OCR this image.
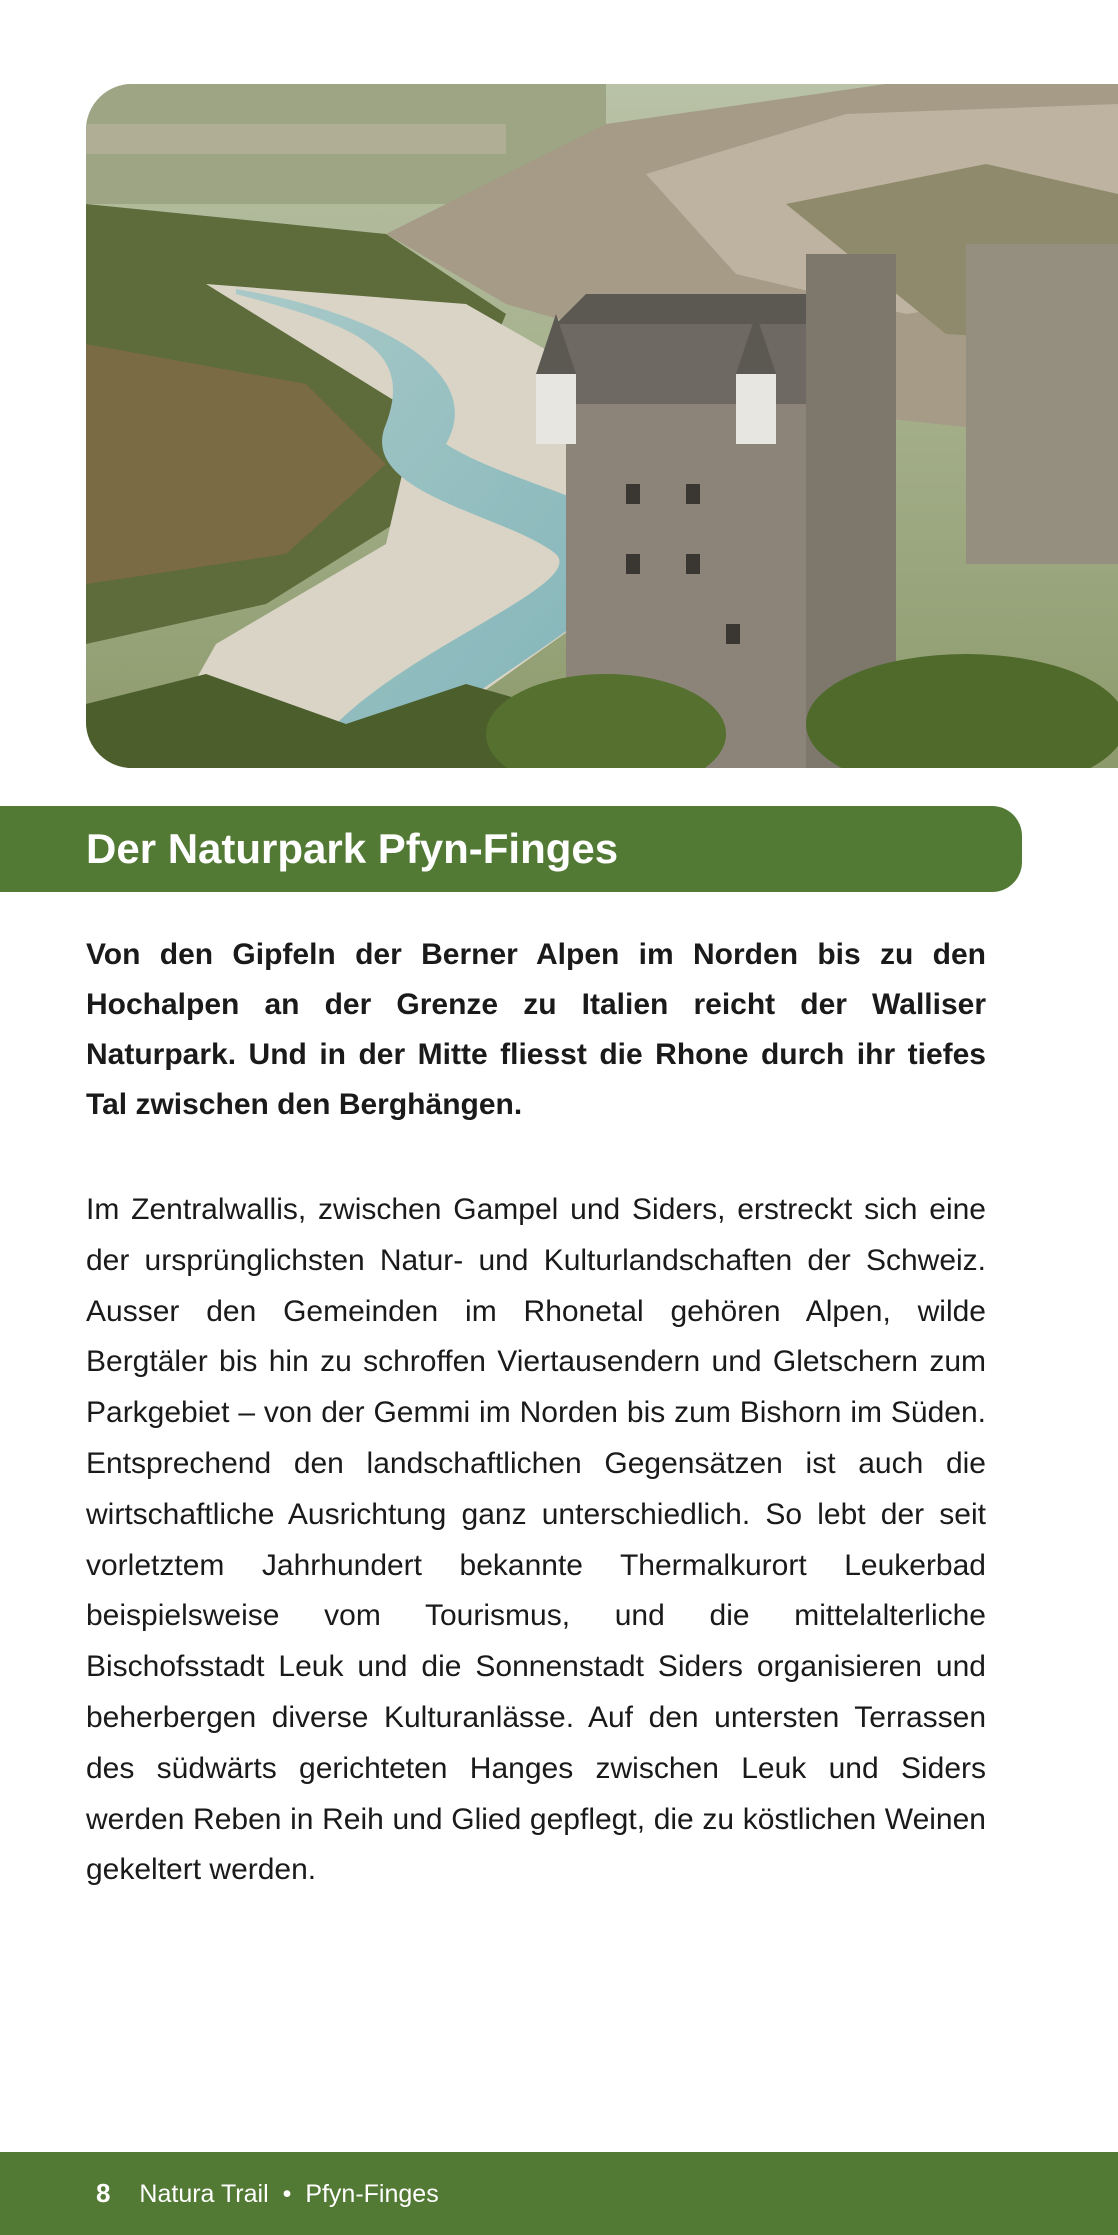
Der Naturpark Pfyn-Finges
Von den Gipfeln der Berner Alpen im Norden bis zu den Hochalpen an der Grenze zu Italien reicht der Walliser Naturpark. Und in der Mitte fliesst die Rhone durch ihr tiefes Tal zwischen den Berghängen.
Im Zentralwallis, zwischen Gampel und Siders, erstreckt sich eine der ursprünglichsten Natur- und Kulturlandschaften der Schweiz. Ausser den Gemeinden im Rhonetal gehören Alpen, wilde Bergtäler bis hin zu schroffen Viertausendern und Gletschern zum Parkgebiet – von der Gemmi im Norden bis zum Bishorn im Süden. Entsprechend den landschaftlichen Gegensätzen ist auch die wirtschaftliche Ausrichtung ganz unterschiedlich. So lebt der seit vorletztem Jahrhundert bekannte Thermalkurort Leukerbad beispielsweise vom Tourismus, und die mittelalterliche Bischofsstadt Leuk und die Sonnenstadt Siders organisieren und beherbergen diverse Kulturanlässe. Auf den untersten Terrassen des südwärts gerichteten Hanges zwischen Leuk und Siders werden Reben in Reih und Glied gepflegt, die zu köstlichen Weinen gekeltert werden.
8 Natura Trail • Pfyn-Finges
